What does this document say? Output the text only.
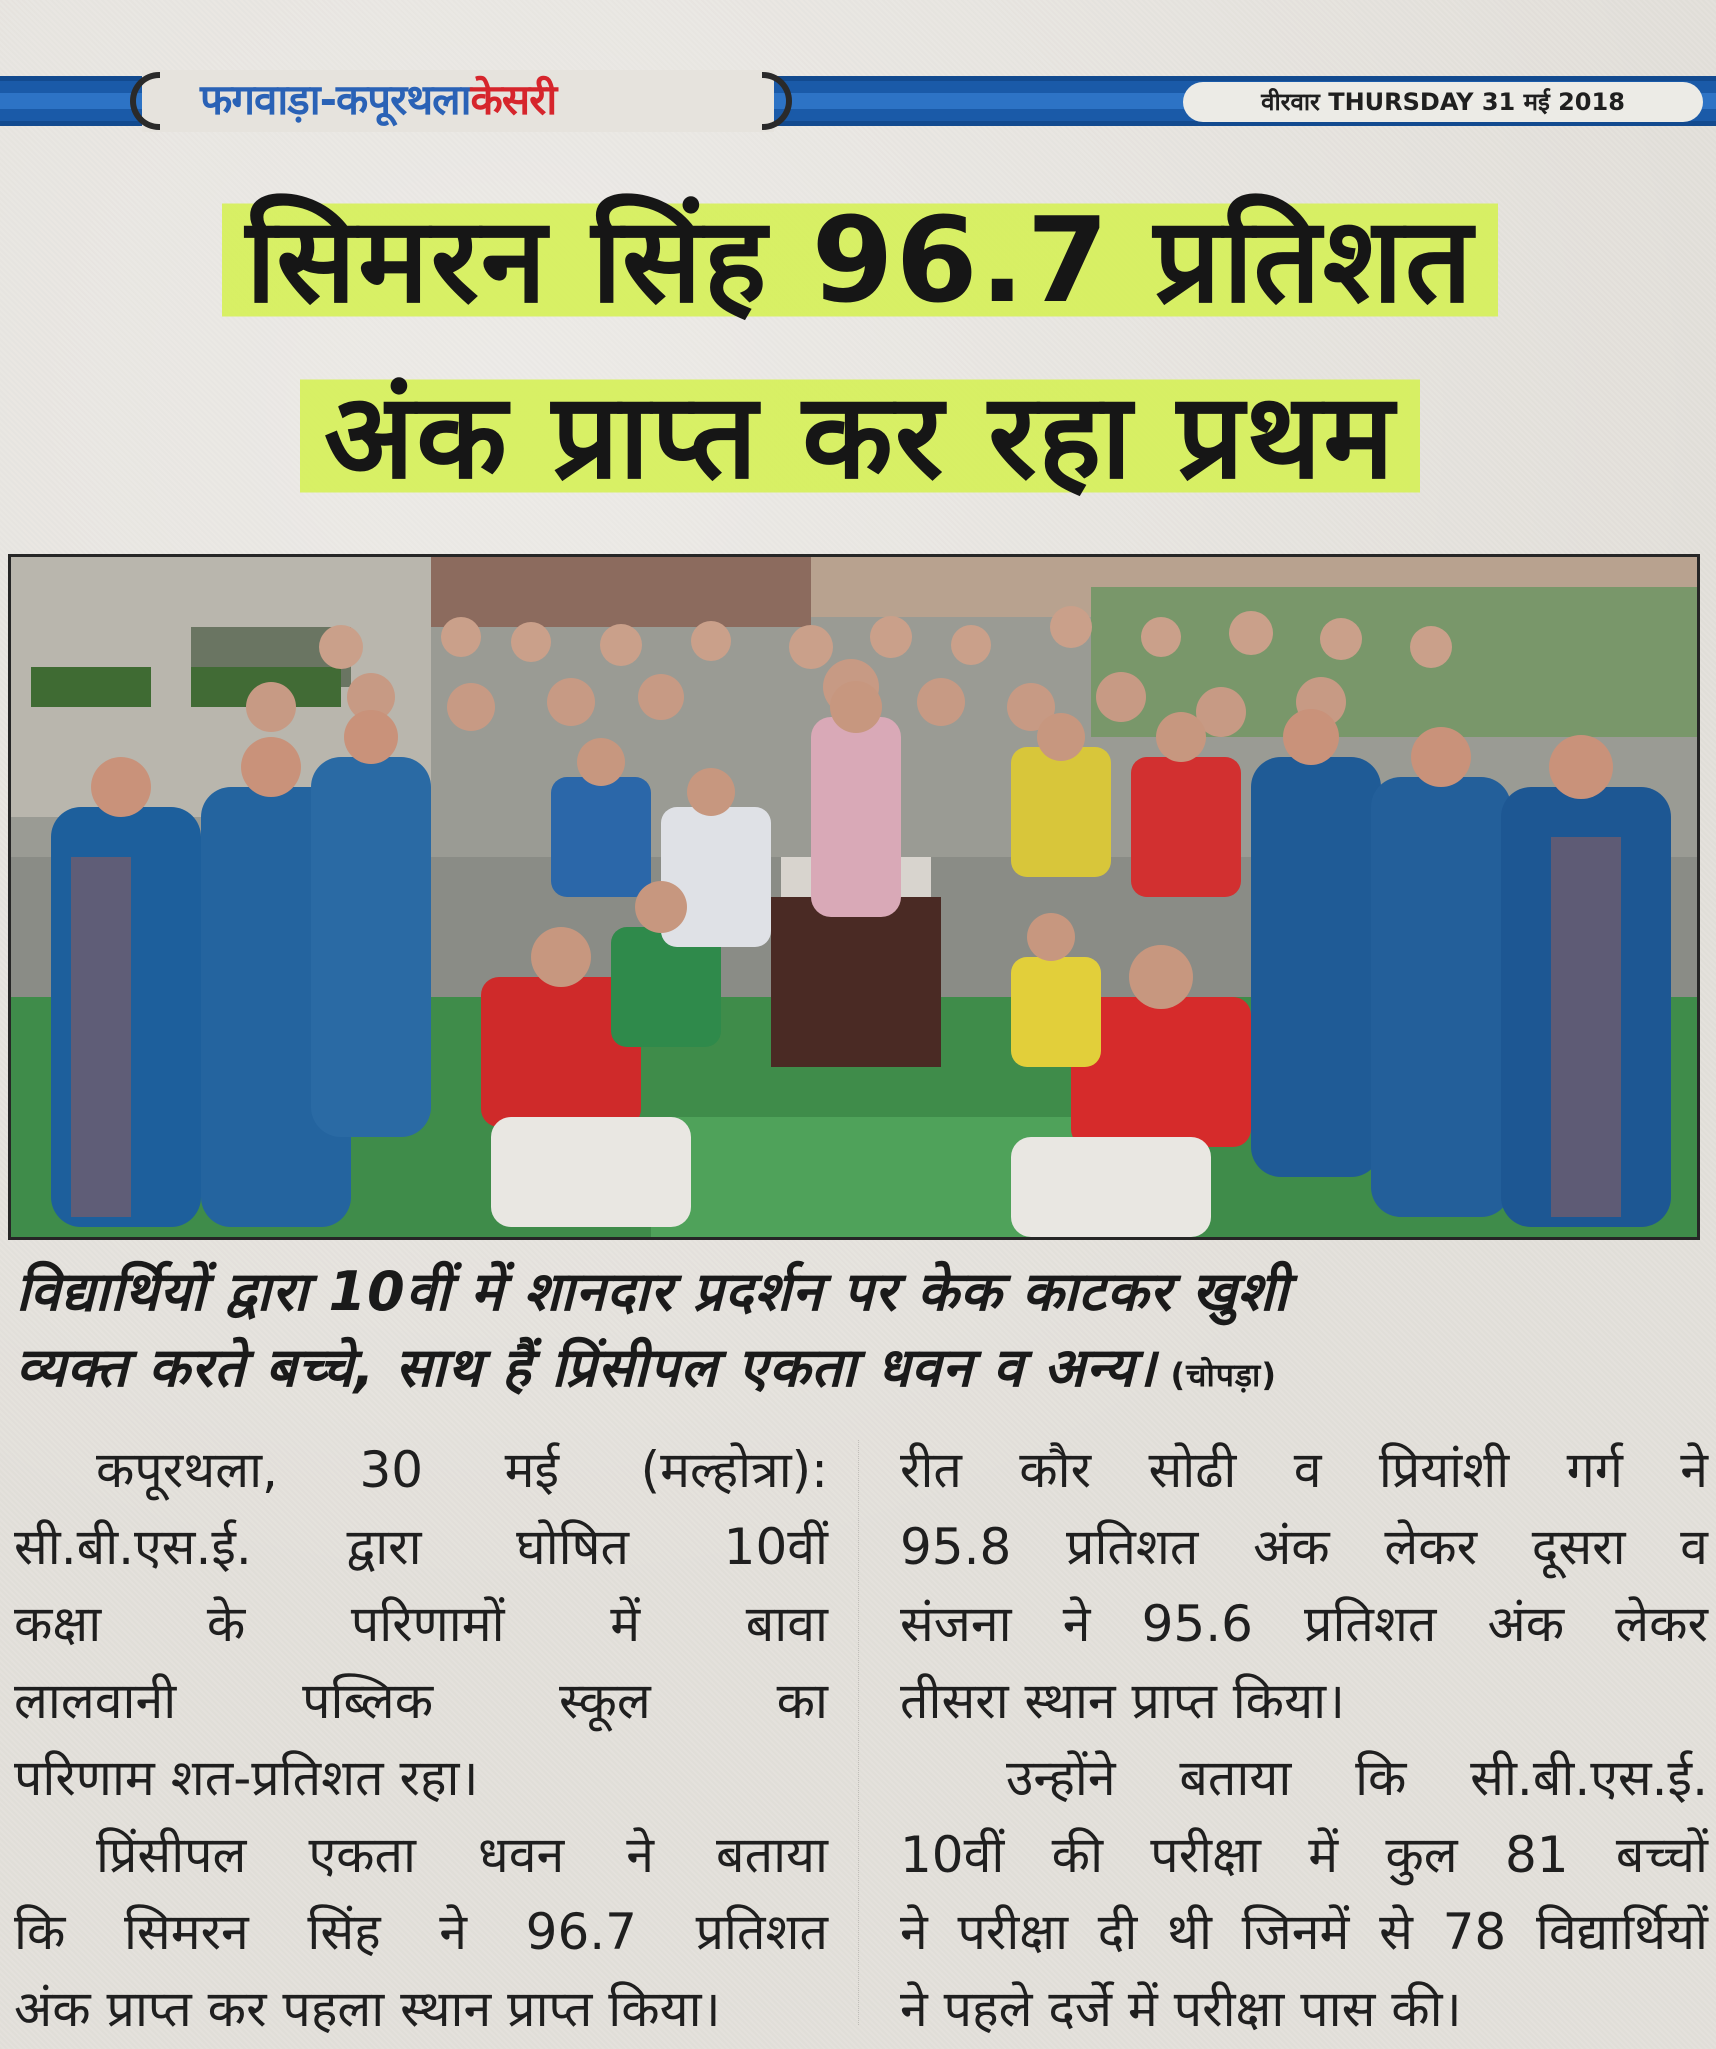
फगवाड़ा-कपूरथलाकेसरी	वीरवार THURSDAY 31 मई 2018
सिमरन सिंह 96.7 प्रतिशत
अंक प्राप्त कर रहा प्रथम
विद्यार्थियों द्वारा 10वीं में शानदार प्रदर्शन पर केक काटकर खुशी
व्यक्त करते बच्चे, साथ हैं प्रिंसीपल एकता धवन व अन्य। (चोपड़ा)

कपूरथला, 30 मई (मल्होत्रा):

सी.बी.एस.ई. द्वारा घोषित 10वीं

कक्षा के परिणामों में बावा

लालवानी पब्लिक स्कूल का

परिणाम शत-प्रतिशत रहा।

प्रिंसीपल एकता धवन ने बताया

कि सिमरन सिंह ने 96.7 प्रतिशत

अंक प्राप्त कर पहला स्थान प्राप्त किया।

रीत कौर सोढी व प्रियांशी गर्ग ने

95.8 प्रतिशत अंक लेकर दूसरा व

संजना ने 95.6 प्रतिशत अंक लेकर

तीसरा स्थान प्राप्त किया।

उन्होंने बताया कि सी.बी.एस.ई.

10वीं की परीक्षा में कुल 81 बच्चों

ने परीक्षा दी थी जिनमें से 78 विद्यार्थियों

ने पहले दर्जे में परीक्षा पास की।
